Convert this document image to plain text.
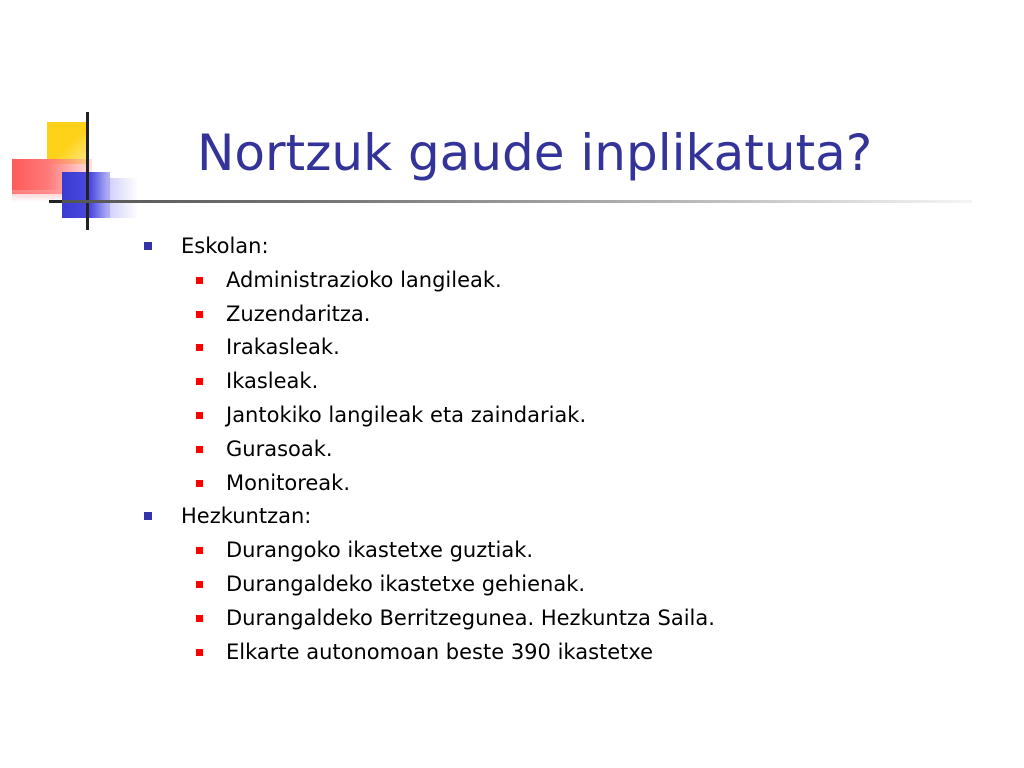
Nortzuk gaude inplikatuta?
Eskolan:
Administrazioko langileak.
Zuzendaritza.
Irakasleak.
Ikasleak.
Jantokiko langileak eta zaindariak.
Gurasoak.
Monitoreak.
Hezkuntzan:
Durangoko ikastetxe guztiak.
Durangaldeko ikastetxe gehienak.
Durangaldeko Berritzegunea. Hezkuntza Saila.
Elkarte autonomoan beste 390 ikastetxe
